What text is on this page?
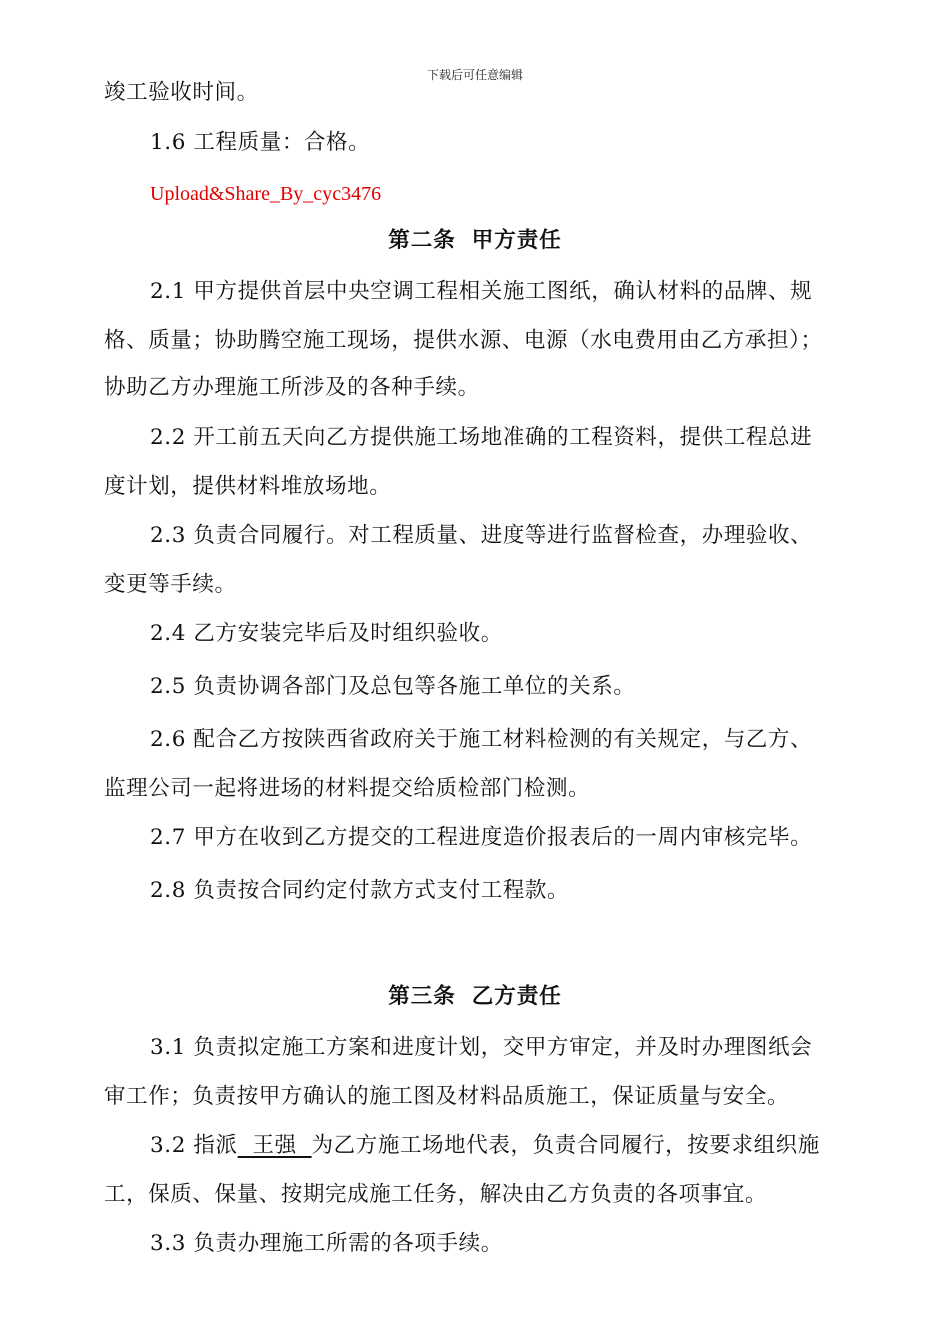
下载后可任意编辑
竣工验收时间。
1.6 工程质量：合格。
Upload&Share_By_cyc3476
第二条 甲方责任
2.1 甲方提供首层中央空调工程相关施工图纸，确认材料的品牌、规
格、质量；协助腾空施工现场，提供水源、电源（水电费用由乙方承担）；
协助乙方办理施工所涉及的各种手续。
2.2 开工前五天向乙方提供施工场地准确的工程资料，提供工程总进
度计划，提供材料堆放场地。
2.3 负责合同履行。对工程质量、进度等进行监督检查，办理验收、
变更等手续。
2.4 乙方安装完毕后及时组织验收。
2.5 负责协调各部门及总包等各施工单位的关系。
2.6 配合乙方按陕西省政府关于施工材料检测的有关规定，与乙方、
监理公司一起将进场的材料提交给质检部门检测。
2.7 甲方在收到乙方提交的工程进度造价报表后的一周内审核完毕。
2.8 负责按合同约定付款方式支付工程款。
第三条 乙方责任
3.1 负责拟定施工方案和进度计划，交甲方审定，并及时办理图纸会
审工作；负责按甲方确认的施工图及材料品质施工，保证质量与安全。
3.2 指派  王强  为乙方施工场地代表，负责合同履行，按要求组织施
工，保质、保量、按期完成施工任务，解决由乙方负责的各项事宜。
3.3 负责办理施工所需的各项手续。
